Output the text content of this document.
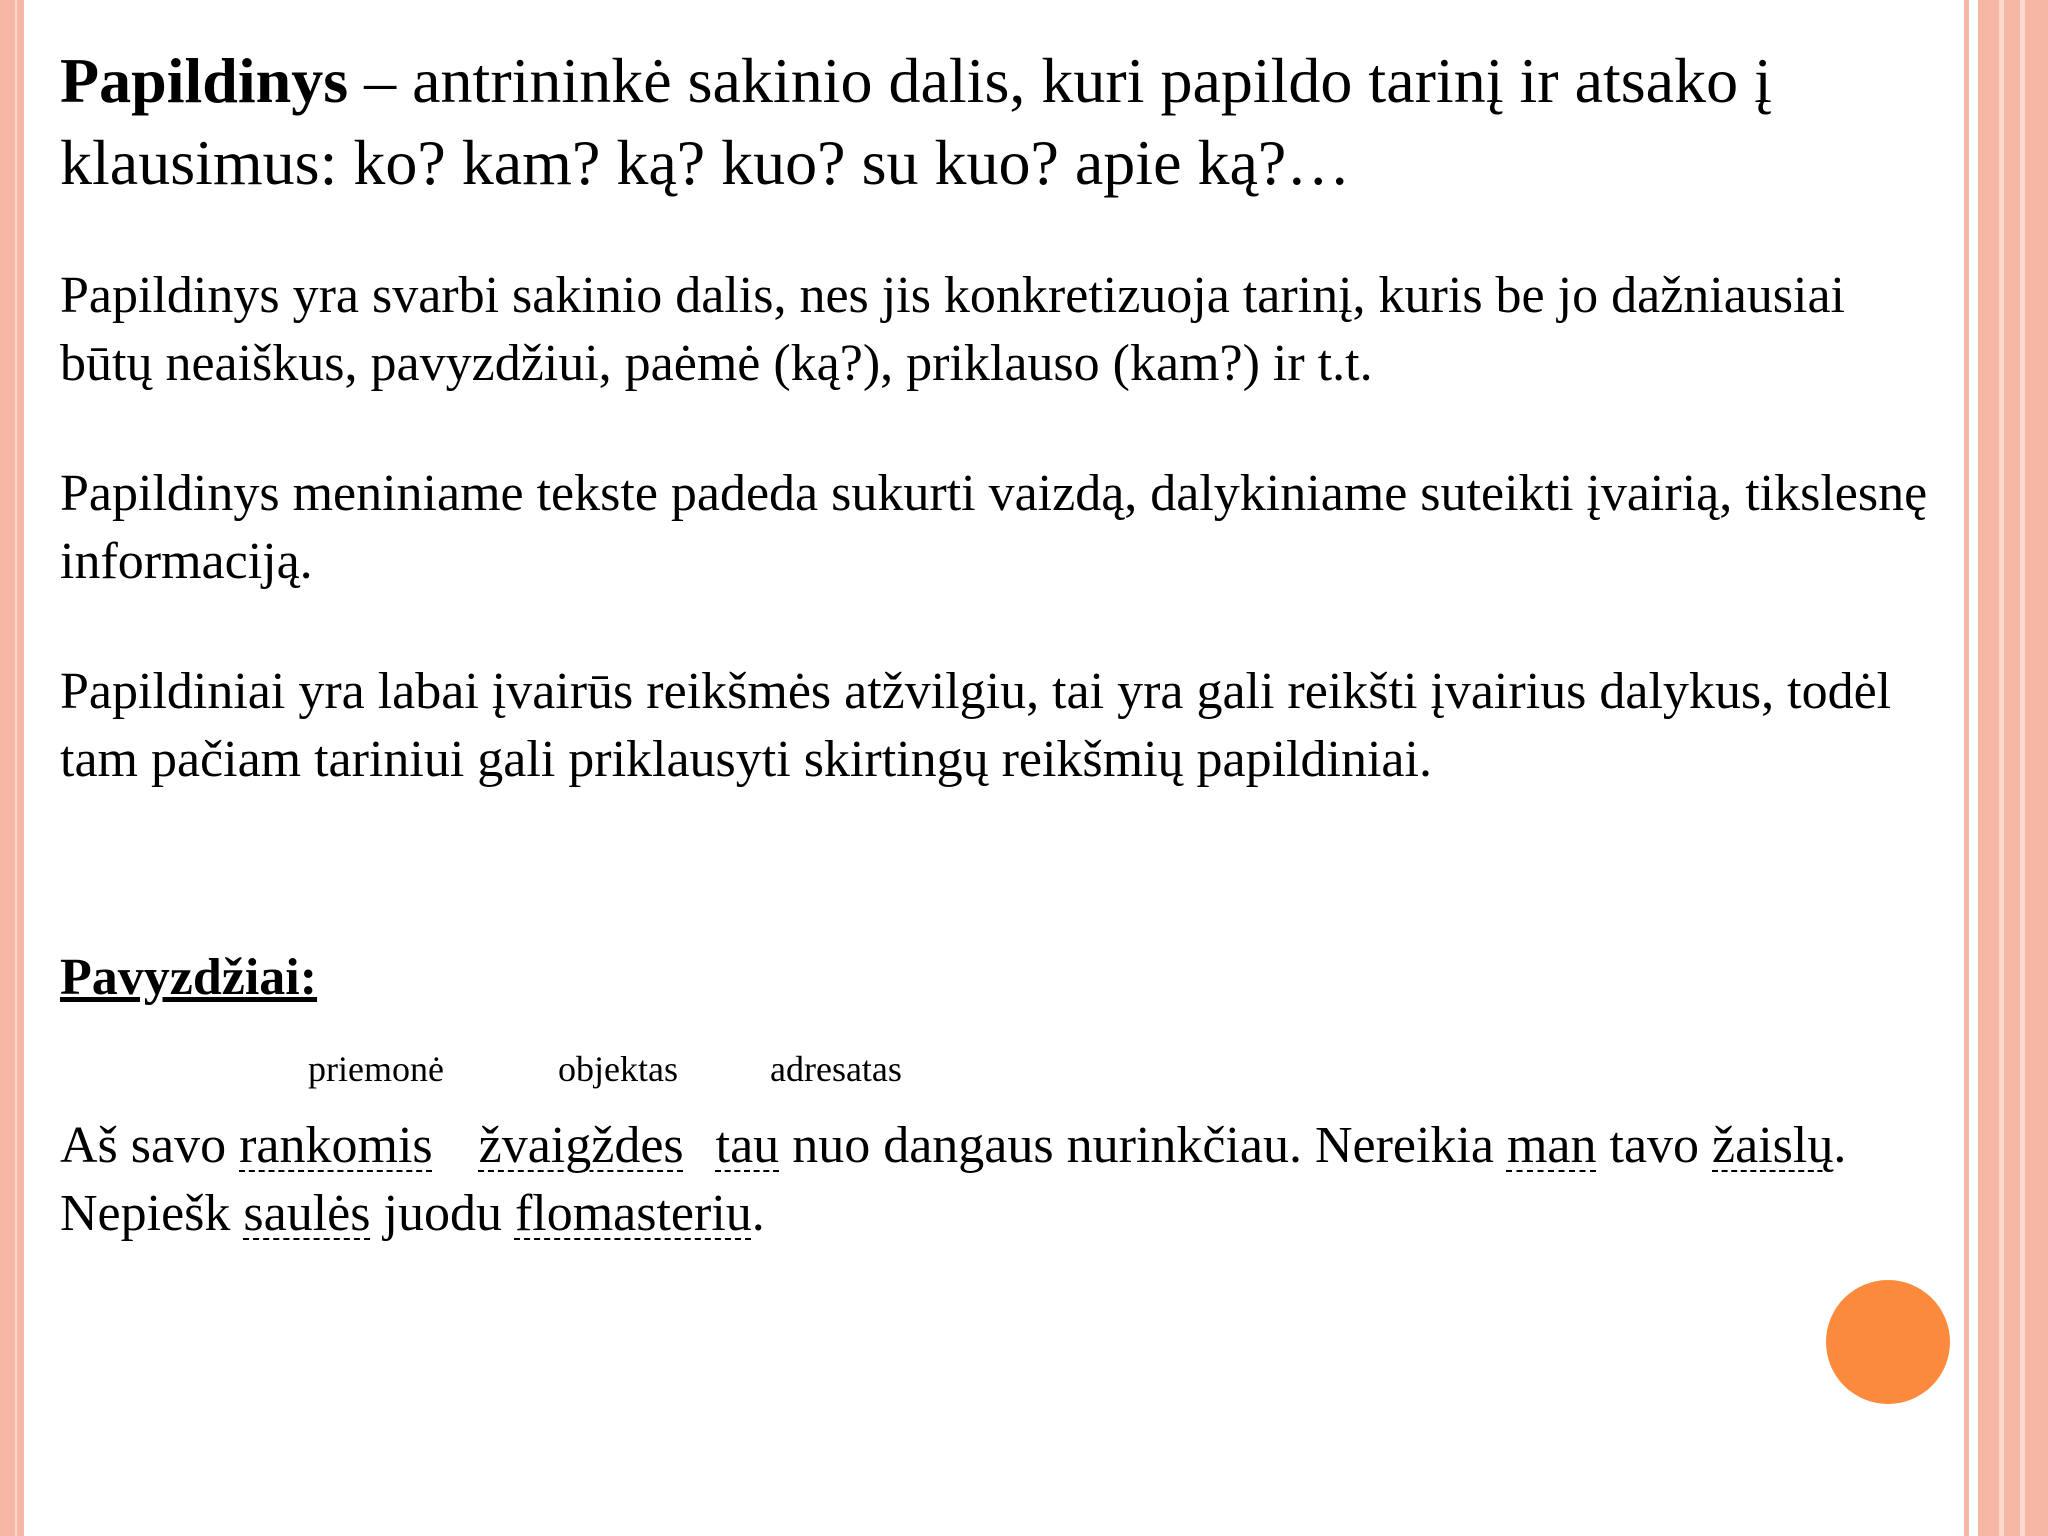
Papildinys – antrininkė sakinio dalis, kuri papildo tarinį ir atsako į klausimus: ko? kam? ką? kuo? su kuo? apie ką?…

Papildinys yra svarbi sakinio dalis, nes jis konkretizuoja tarinį, kuris be jo dažniausiai būtų neaiškus, pavyzdžiui, paėmė (ką?), priklauso (kam?) ir t.t.

Papildinys meniniame tekste padeda sukurti vaizdą, dalykiniame suteikti įvairią, tikslesnę informaciją.

Papildiniai yra labai įvairūs reikšmės atžvilgiu, tai yra gali reikšti įvairius dalykus, todėl tam pačiam tariniui gali priklausyti skirtingų reikšmių papildiniai.

Pavyzdžiai:

priemonė	objektas	adresatas

Aš savo rankomis žvaigždes tau nuo dangaus nurinkčiau. Nereikia man tavo žaislų. Nepiešk saulės juodu flomasteriu.
